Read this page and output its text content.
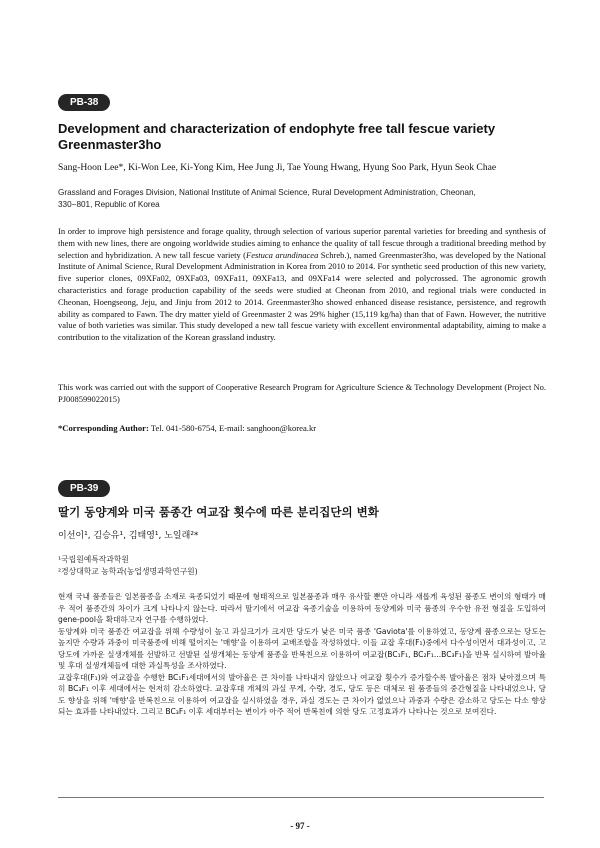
PB-38
Development and characterization of endophyte free tall fescue variety Greenmaster3ho
Sang-Hoon Lee*, Ki-Won Lee, Ki-Yong Kim, Hee Jung Ji, Tae Young Hwang, Hyung Soo Park, Hyun Seok Chae
Grassland and Forages Division, National Institute of Animal Science, Rural Development Administration, Cheonan,
330−801, Republic of Korea

In order to improve high persistence and forage quality, through selection of various superior parental varieties for breeding and synthesis of them with new lines, there are ongoing worldwide studies aiming to enhance the quality of tall fescue through a traditional breeding method by selection and hybridization. A new tall fescue variety (Festuca arundinacea Schreb.), named Greenmaster3ho, was developed by the National Institute of Animal Science, Rural Development Administration in Korea from 2010 to 2014. For synthetic seed production of this new variety, five superior clones, 09XFa02, 09XFa03, 09XFa11, 09XFa13, and 09XFa14 were selected and polycrossed. The agronomic growth characteristics and forage production capability of the seeds were studied at Cheonan from 2010, and regional trials were conducted in Cheonan, Hoengseong, Jeju, and Jinju from 2012 to 2014. Greenmaster3ho showed enhanced disease resistance, persistence, and regrowth ability as compared to Fawn. The dry matter yield of Greenmaster 2 was 29% higher (15,119 kg/ha) than that of Fawn. However, the nutritive value of both varieties was similar. This study developed a new tall fescue variety with excellent environmental adaptability, aiming to make a contribution to the vitalization of the Korean grassland industry.

This work was carried out with the support of Cooperative Research Program for Agriculture Science & Technology Development (Project No. PJ008599022015)
*Corresponding Author: Tel. 041-580-6754, E-mail: sanghoon@korea.kr
PB-39
딸기 동양계와 미국 품종간 여교잡 횟수에 따른 분리집단의 변화
이선이¹, 김승유¹, 김태영¹, 노일래²*
¹국립원예특작과학원
²경상대학교 농학과(농업생명과학연구원)

현재 국내 품종들은 일본품종을 소재로 육종되었기 때문에 형태적으로 일본품종과 매우 유사할 뿐만 아니라 새롭게 육성된 품종도 변이의 형태가 매우 적어 품종간의 차이가 크게 나타나지 않는다. 따라서 딸기에서 여교잡 육종기술을 이용하여 동양계와 미국 품종의 우수한 유전 형질을 도입하여 gene-pool을 확대하고자 연구를 수행하였다.

동양계와 미국 품종간 여교잡을 위해 수량성이 높고 과실크기가 크지만 당도가 낮은 미국 품종 'Gaviota'를 이용하였고, 동양계 품종으로는 당도는 높지만 수량과 과중이 미국품종에 비해 떨어지는 '매향'을 이용하여 교배조합을 작성하였다. 이들 교잡 후대(F₁)중에서 다수성이면서 대과성이고, 고당도에 가까운 실생개체를 선발하고 선발된 실생개체는 동양계 품종을 반복친으로 이용하여 여교잡(BC₁F₁, BC₂F₁...BC₃F₁)을 반복 실시하여 발아율 및 후대 실생개체들에 대한 과실특성을 조사하였다.

교잡후대(F₁)와 여교잡을 수행한 BC₁F₁세대에서의 발아율은 큰 차이를 나타내지 않았으나 여교잡 횟수가 증가할수록 발아율은 점차 낮아졌으며 특히 BC₃F₁ 이후 세대에서는 현저히 감소하였다. 교잡후대 개체의 과실 무게, 수량, 경도, 당도 등은 대체로 원 품종들의 중간형질을 나타내었으나, 당도 향상을 위해 '매향'을 반복친으로 이용하여 여교잡을 실시하였을 경우, 과실 경도는 큰 차이가 없었으나 과중과 수량은 감소하고 당도는 다소 향상되는 효과를 나타내었다. 그리고 BC₃F₁ 이후 세대부터는 변이가 아주 적어 반복친에 의한 당도 고정효과가 나타나는 것으로 보여진다.

- 97 -
